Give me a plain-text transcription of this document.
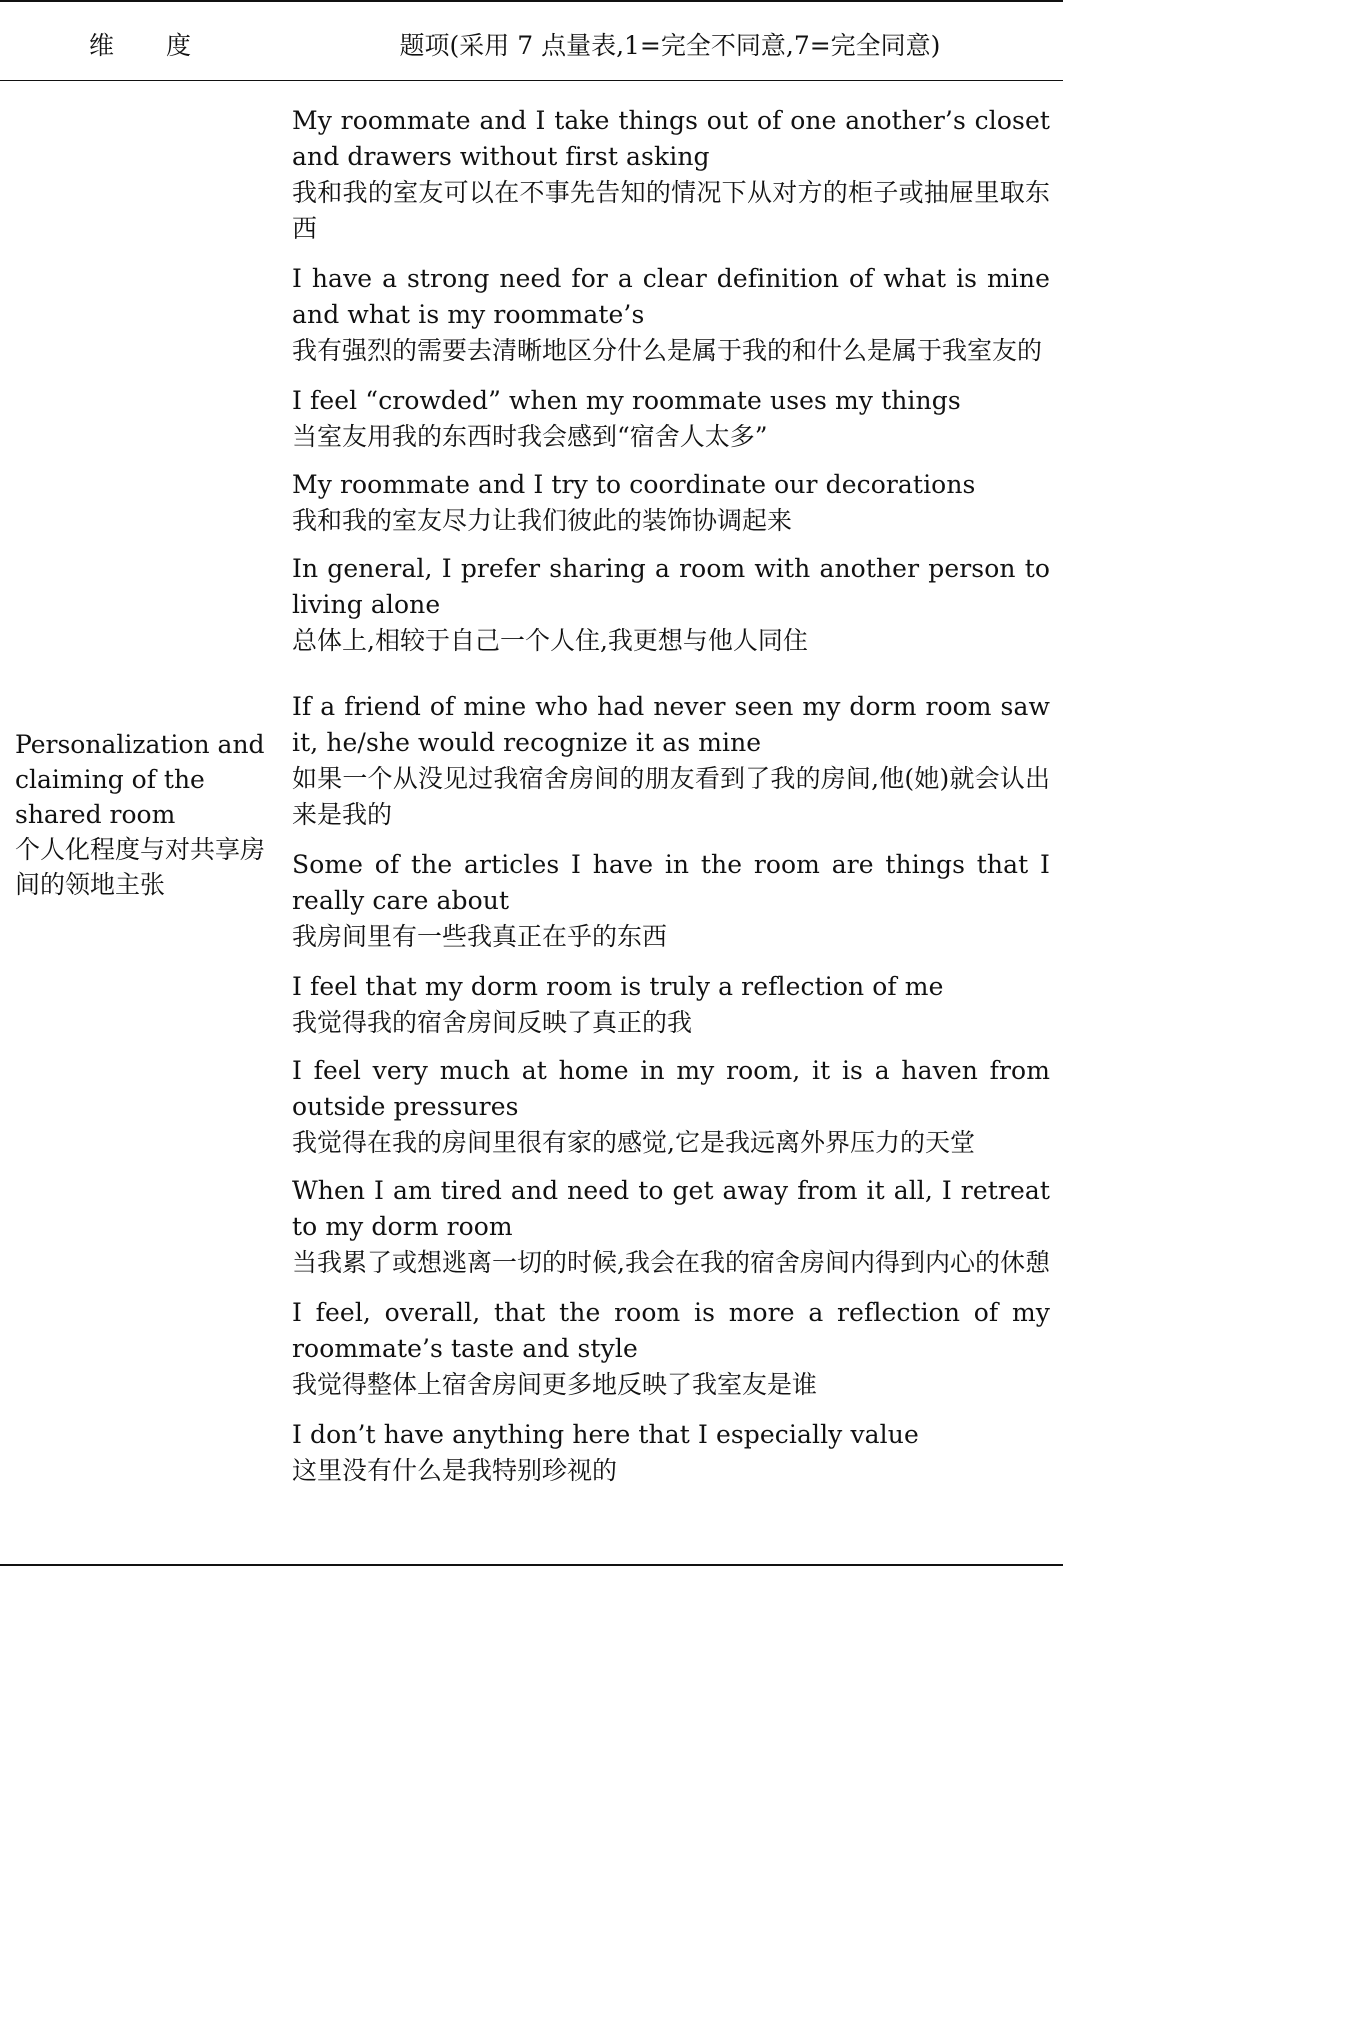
维度	题项(采用 7 点量表,1=完全不同意,7=完全同意)
Personalization and claiming of the shared room
个人化程度与对共享房间的领地主张
My roommate and I take things out of one another’s closet and drawers without first asking
我和我的室友可以在不事先告知的情况下从对方的柜子或抽屉里取东西
I have a strong need for a clear definition of what is mine and what is my roommate’s
我有强烈的需要去清晰地区分什么是属于我的和什么是属于我室友的
I feel “crowded” when my roommate uses my things
当室友用我的东西时我会感到“宿舍人太多”
My roommate and I try to coordinate our decorations
我和我的室友尽力让我们彼此的装饰协调起来
In general, I prefer sharing a room with another person to living alone
总体上,相较于自己一个人住,我更想与他人同住
If a friend of mine who had never seen my dorm room saw it, he/she would recognize it as mine
如果一个从没见过我宿舍房间的朋友看到了我的房间,他(她)就会认出来是我的
Some of the articles I have in the room are things that I really care about
我房间里有一些我真正在乎的东西
I feel that my dorm room is truly a reflection of me
我觉得我的宿舍房间反映了真正的我
I feel very much at home in my room, it is a haven from outside pressures
我觉得在我的房间里很有家的感觉,它是我远离外界压力的天堂
When I am tired and need to get away from it all, I retreat to my dorm room
当我累了或想逃离一切的时候,我会在我的宿舍房间内得到内心的休憩
I feel, overall, that the room is more a reflection of my roommate’s taste and style
我觉得整体上宿舍房间更多地反映了我室友是谁
I don’t have anything here that I especially value
这里没有什么是我特别珍视的
